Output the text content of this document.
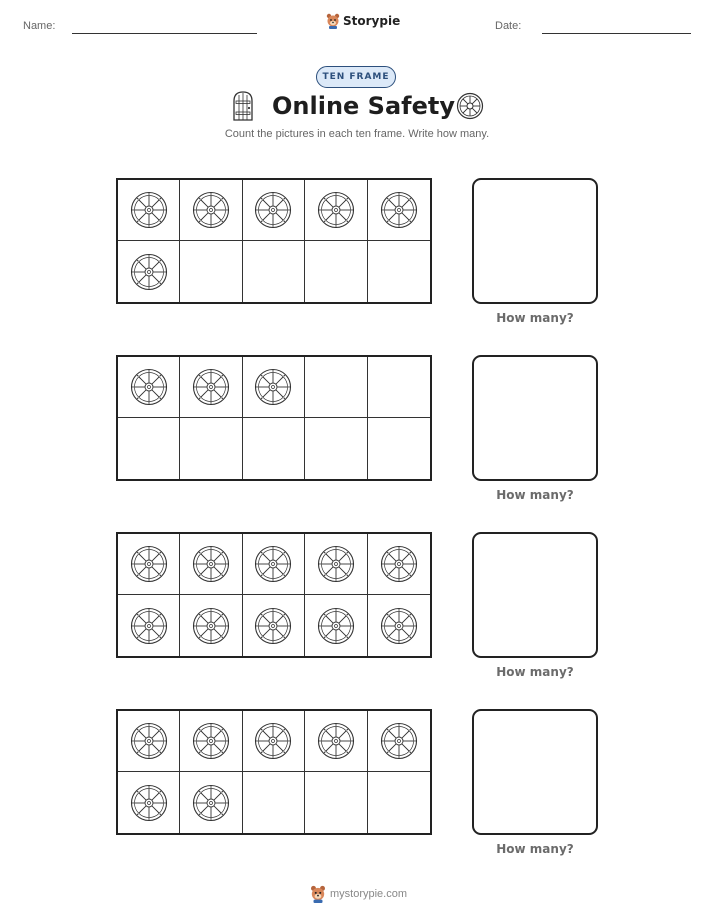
Name:	Storypie	Date:
TEN FRAME
Online Safety
Count the pictures in each ten frame. Write how many.
How many?
How many?
How many?
How many?
mystorypie.com
